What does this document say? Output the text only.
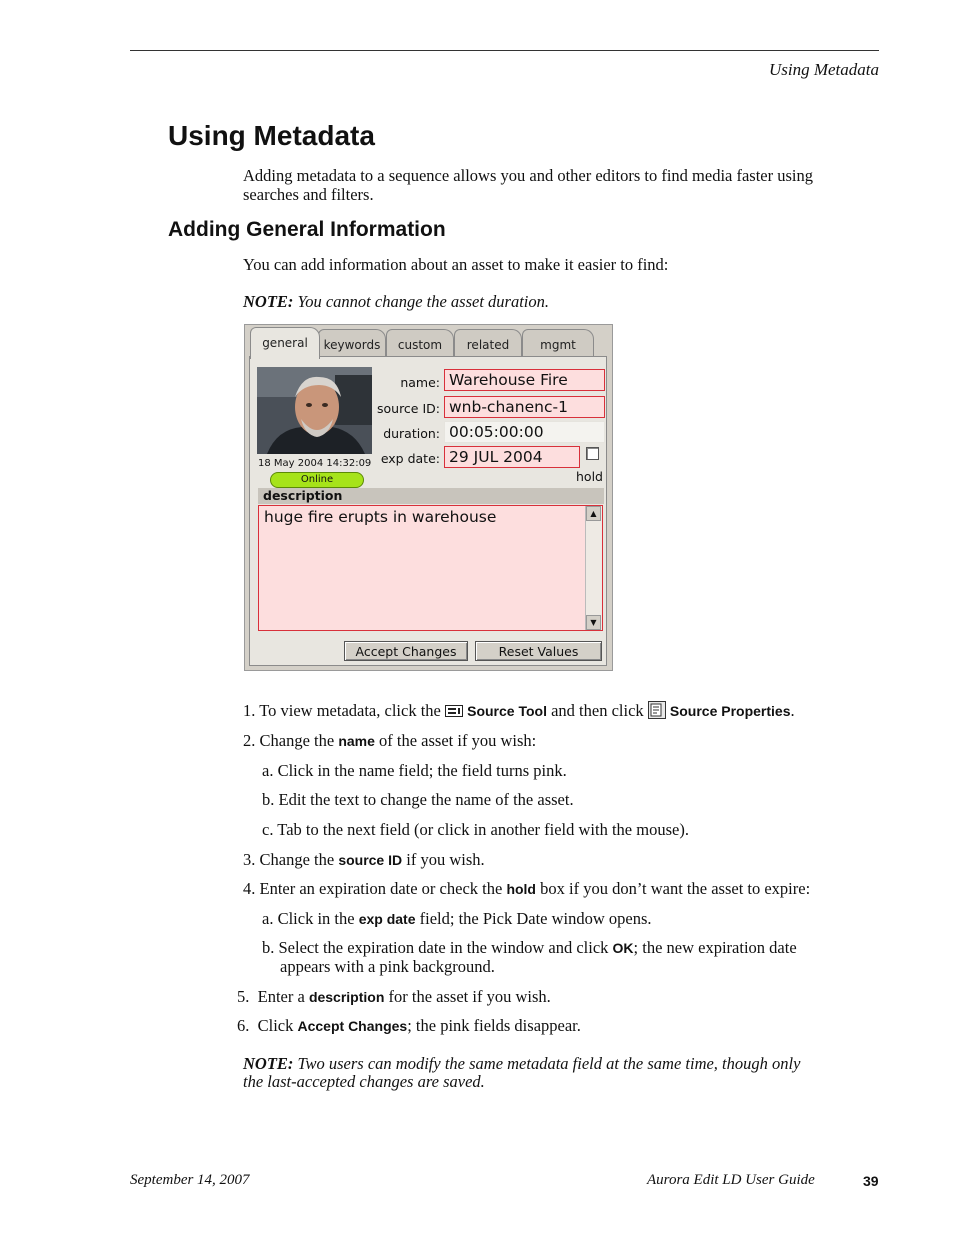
Using Metadata
Using Metadata
Adding metadata to a sequence allows you and other editors to find media faster using searches and filters.
Adding General Information
You can add information about an asset to make it easier to find:
NOTE: You cannot change the asset duration.
general	keywords	custom	related	mgmt
18 May 2004 14:32:09
Online
name: Warehouse Fire
source ID: wnb-chanenc-1
duration: 00:05:00:00
exp date: 29 JUL 2004
hold
description
huge fire erupts in warehouse	▲
▼
Accept Changes	Reset Values
1. To view metadata, click the Source Tool and then click Source Properties.
2. Change the name of the asset if you wish:
a. Click in the name field; the field turns pink.
b. Edit the text to change the name of the asset.
c. Tab to the next field (or click in another field with the mouse).
3. Change the source ID if you wish.
4. Enter an expiration date or check the hold box if you don’t want the asset to expire:
a. Click in the exp date field; the Pick Date window opens.
b. Select the expiration date in the window and click OK; the new expiration date
appears with a pink background.
5. Enter a description for the asset if you wish.
6. Click Accept Changes; the pink fields disappear.
NOTE: Two users can modify the same metadata field at the same time, though only
the last-accepted changes are saved.
September 14, 2007	Aurora Edit LD User Guide	39
